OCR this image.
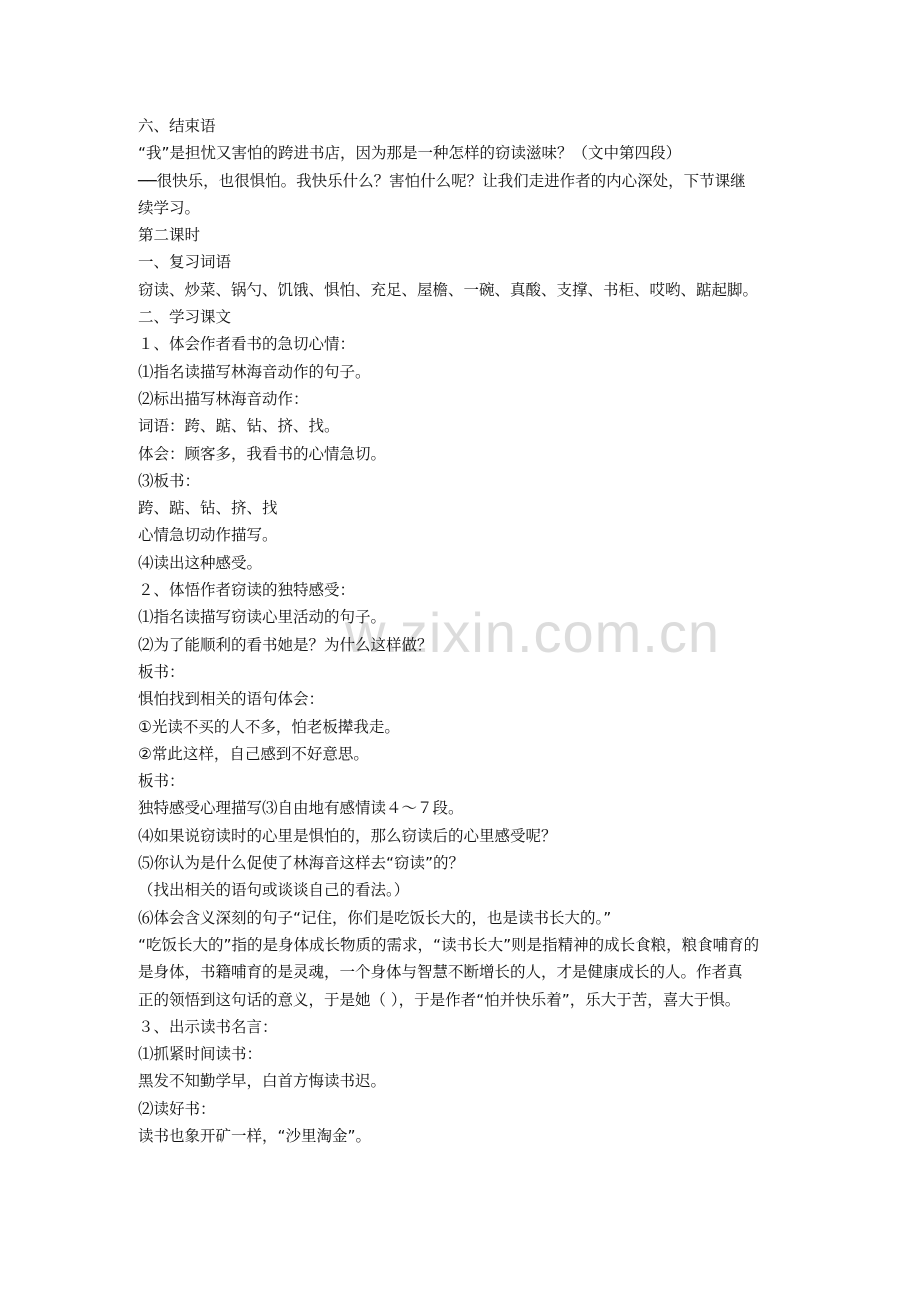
w.zixin.com.cn
六、结束语
“我”是担忧又害怕的跨进书店，因为那是一种怎样的窃读滋味？（文中第四段）
──很快乐，也很惧怕。我快乐什么？害怕什么呢？让我们走进作者的内心深处，下节课继
续学习。
第二课时
一、复习词语
窃读、炒菜、锅勺、饥饿、惧怕、充足、屋檐、一碗、真酸、支撑、书柜、哎哟、踮起脚。
二、学习课文
１、体会作者看书的急切心情：
⑴指名读描写林海音动作的句子。
⑵标出描写林海音动作：
词语：跨、踮、钻、挤、找。
体会：顾客多，我看书的心情急切。
⑶板书：
跨、踮、钻、挤、找
心情急切动作描写。
⑷读出这种感受。
２、体悟作者窃读的独特感受：
⑴指名读描写窃读心里活动的句子。
⑵为了能顺利的看书她是？为什么这样做？
板书：
惧怕找到相关的语句体会：
①光读不买的人不多，怕老板撵我走。
②常此这样，自己感到不好意思。
板书：
独特感受心理描写⑶自由地有感情读４～７段。
⑷如果说窃读时的心里是惧怕的，那么窃读后的心里感受呢？
⑸你认为是什么促使了林海音这样去“窃读”的？
（找出相关的语句或谈谈自己的看法。）
⑹体会含义深刻的句子“记住，你们是吃饭长大的，也是读书长大的。”
“吃饭长大的”指的是身体成长物质的需求，“读书长大”则是指精神的成长食粮，粮食哺育的
是身体，书籍哺育的是灵魂，一个身体与智慧不断增长的人，才是健康成长的人。作者真
正的领悟到这句话的意义，于是她（ ），于是作者“怕并快乐着”，乐大于苦，喜大于惧。
３、出示读书名言：
⑴抓紧时间读书：
黑发不知勤学早，白首方悔读书迟。
⑵读好书：
读书也象开矿一样，“沙里淘金”。
